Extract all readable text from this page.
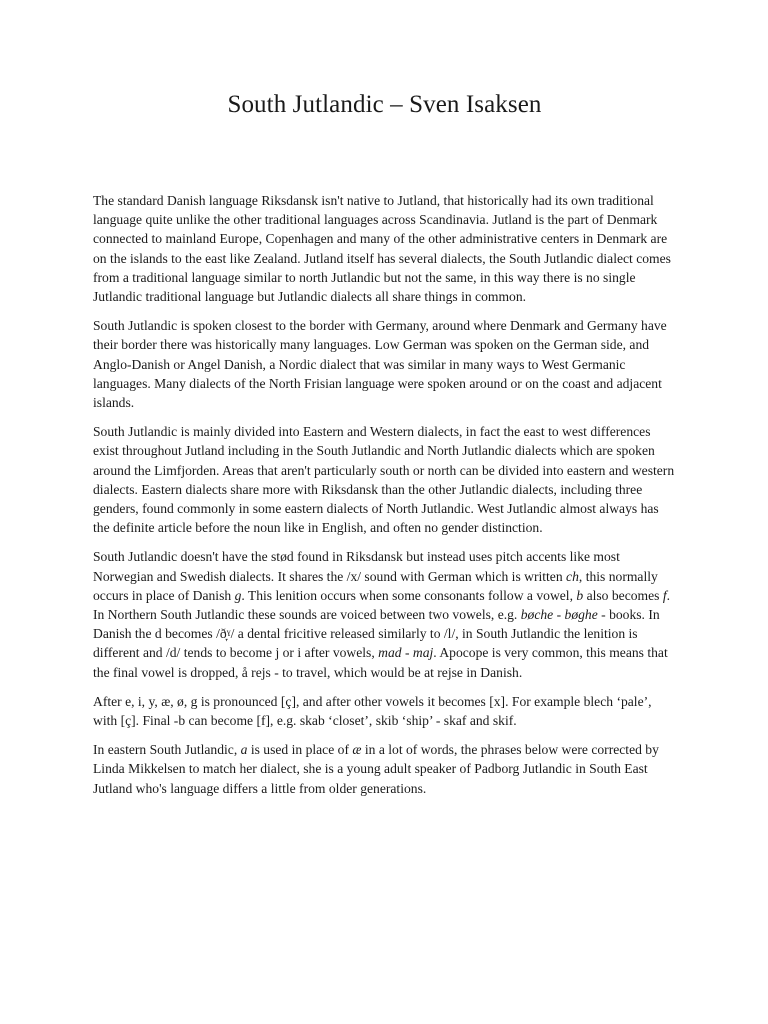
South Jutlandic – Sven Isaksen

The standard Danish language Riksdansk isn't native to Jutland, that historically had its own traditional language quite unlike the other traditional languages across Scandinavia. Jutland is the part of Denmark connected to mainland Europe, Copenhagen and many of the other administrative centers in Denmark are on the islands to the east like Zealand. Jutland itself has several dialects, the South Jutlandic dialect comes from a traditional language similar to north Jutlandic but not the same, in this way there is no single Jutlandic traditional language but Jutlandic dialects all share things in common.

South Jutlandic is spoken closest to the border with Germany, around where Denmark and Germany have their border there was historically many languages. Low German was spoken on the German side, and Anglo-Danish or Angel Danish, a Nordic dialect that was similar in many ways to West Germanic languages. Many dialects of the North Frisian language were spoken around or on the coast and adjacent islands.

South Jutlandic is mainly divided into Eastern and Western dialects, in fact the east to west differences exist throughout Jutland including in the South Jutlandic and North Jutlandic dialects which are spoken around the Limfjorden. Areas that aren't particularly south or north can be divided into eastern and western dialects. Eastern dialects share more with Riksdansk than the other Jutlandic dialects, including three genders, found commonly in some eastern dialects of North Jutlandic. West Jutlandic almost always has the definite article before the noun like in English, and often no gender distinction.

South Jutlandic doesn't have the stød found in Riksdansk but instead uses pitch accents like most Norwegian and Swedish dialects. It shares the /x/ sound with German which is written ch, this normally occurs in place of Danish g. This lenition occurs when some consonants follow a vowel, b also becomes f. In Northern South Jutlandic these sounds are voiced between two vowels, e.g. bøche - bøghe - books. In Danish the d becomes /ð̞ˠ/ a dental fricitive released similarly to /l/, in South Jutlandic the lenition is different and /d/ tends to become j or i after vowels, mad - maj. Apocope is very common, this means that the final vowel is dropped, å rejs - to travel, which would be at rejse in Danish.

After e, i, y, æ, ø, g is pronounced [ç], and after other vowels it becomes [x]. For example blech ‘pale’, with [ç]. Final -b can become [f], e.g. skab ‘closet’, skib ‘ship’ - skaf and skif.

In eastern South Jutlandic, a is used in place of æ in a lot of words, the phrases below were corrected by Linda Mikkelsen to match her dialect, she is a young adult speaker of Padborg Jutlandic in South East Jutland who's language differs a little from older generations.
